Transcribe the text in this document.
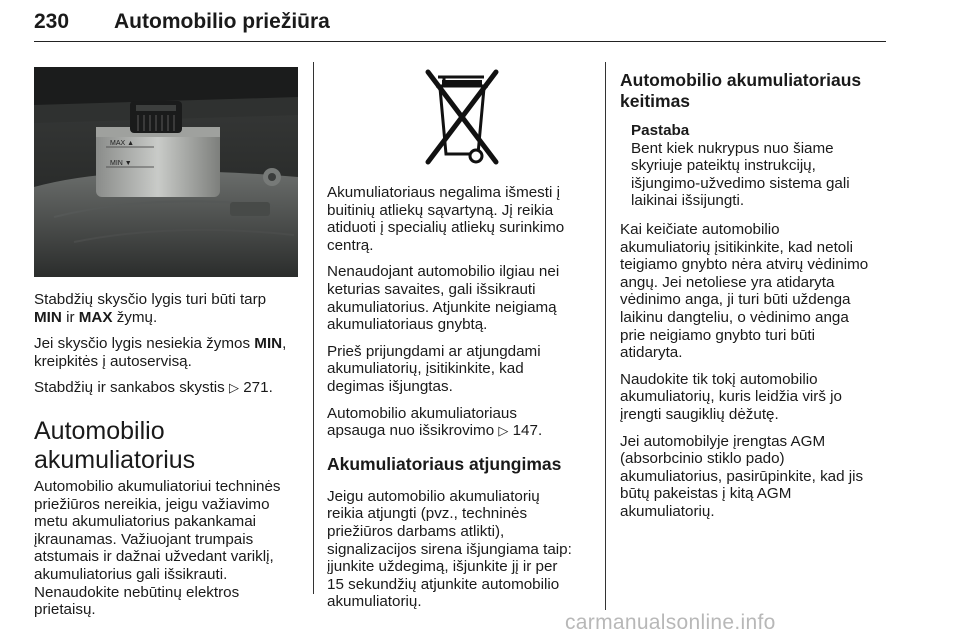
230 Automobilio priežiūra
MAX ▲
MIN ▼

Stabdžių skysčio lygis turi būti tarp
MIN ir MAX žymų.

Jei skysčio lygis nesiekia žymos MIN,
kreipkitės į autoservisą.

Stabdžių ir sankabos skystis ▷ 271.

Automobilio akumuliatorius

Automobilio akumuliatoriui techninės
priežiūros nereikia, jeigu važiavimo
metu akumuliatorius pakankamai
įkraunamas. Važiuojant trumpais
atstumais ir dažnai užvedant variklį,
akumuliatorius gali išsikrauti.
Nenaudokite nebūtinų elektros
prietaisų.

Akumuliatoriaus negalima išmesti į
buitinių atliekų sąvartyną. Jį reikia
atiduoti į specialių atliekų surinkimo
centrą.

Nenaudojant automobilio ilgiau nei
keturias savaites, gali išsikrauti
akumuliatorius. Atjunkite neigiamą
akumuliatoriaus gnybtą.

Prieš prijungdami ar atjungdami
akumuliatorių, įsitikinkite, kad
degimas išjungtas.

Automobilio akumuliatoriaus
apsauga nuo išsikrovimo ▷ 147.

Akumuliatoriaus atjungimas

Jeigu automobilio akumuliatorių
reikia atjungti (pvz., techninės
priežiūros darbams atlikti),
signalizacijos sirena išjungiama taip:
įjunkite uždegimą, išjunkite jį ir per
15 sekundžių atjunkite automobilio
akumuliatorių.

Automobilio akumuliatoriaus
keitimas
Pastaba
Bent kiek nukrypus nuo šiame
skyriuje pateiktų instrukcijų,
išjungimo-užvedimo sistema gali
laikinai išsijungti.

Kai keičiate automobilio
akumuliatorių įsitikinkite, kad netoli
teigiamo gnybto nėra atvirų vėdinimo
angų. Jei netoliese yra atidaryta
vėdinimo anga, ji turi būti uždenga
laikinu dangteliu, o vėdinimo anga
prie neigiamo gnybto turi būti
atidaryta.

Naudokite tik tokį automobilio
akumuliatorių, kuris leidžia virš jo
įrengti saugiklių dėžutę.

Jei automobilyje įrengtas AGM
(absorbcinio stiklo pado)
akumuliatorius, pasirūpinkite, kad jis
būtų pakeistas į kitą AGM
akumuliatorių.

carmanualsonline.info
